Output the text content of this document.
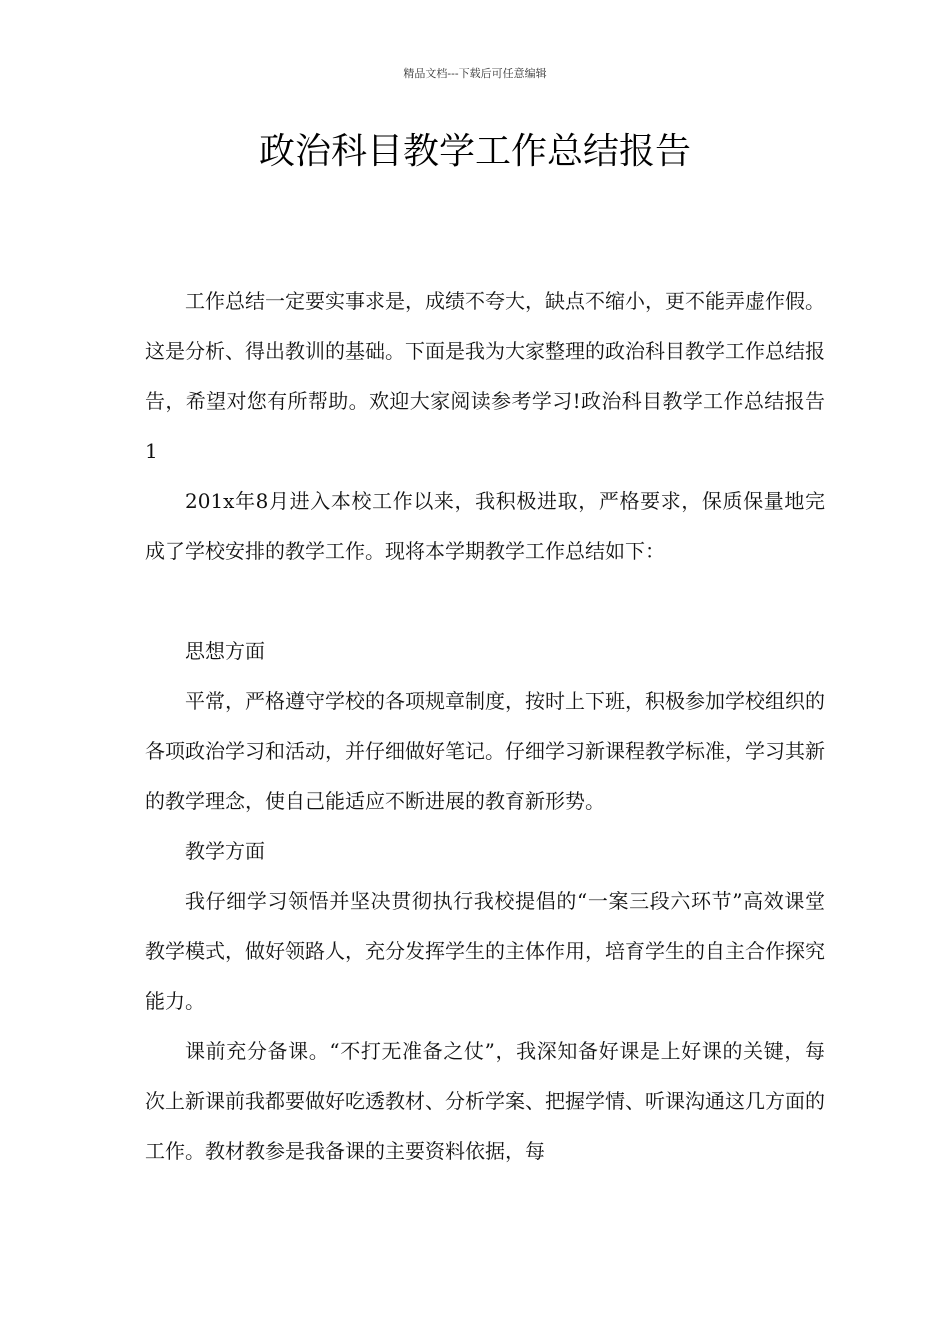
精品文档---下载后可任意编辑
政治科目教学工作总结报告

工作总结一定要实事求是，成绩不夸大，缺点不缩小，更不能弄虚作假。这是分析、得出教训的基础。下面是我为大家整理的政治科目教学工作总结报告，希望对您有所帮助。欢迎大家阅读参考学习!政治科目教学工作总结报告1

201x年8月进入本校工作以来，我积极进取，严格要求，保质保量地完成了学校安排的教学工作。现将本学期教学工作总结如下：

思想方面

平常，严格遵守学校的各项规章制度，按时上下班，积极参加学校组织的各项政治学习和活动，并仔细做好笔记。仔细学习新课程教学标准，学习其新的教学理念，使自己能适应不断进展的教育新形势。

教学方面

我仔细学习领悟并坚决贯彻执行我校提倡的“一案三段六环节”高效课堂教学模式，做好领路人，充分发挥学生的主体作用，培育学生的自主合作探究能力。

课前充分备课。“不打无准备之仗”，我深知备好课是上好课的关键，每次上新课前我都要做好吃透教材、分析学案、把握学情、听课沟通这几方面的工作。教材教参是我备课的主要资料依据，每
